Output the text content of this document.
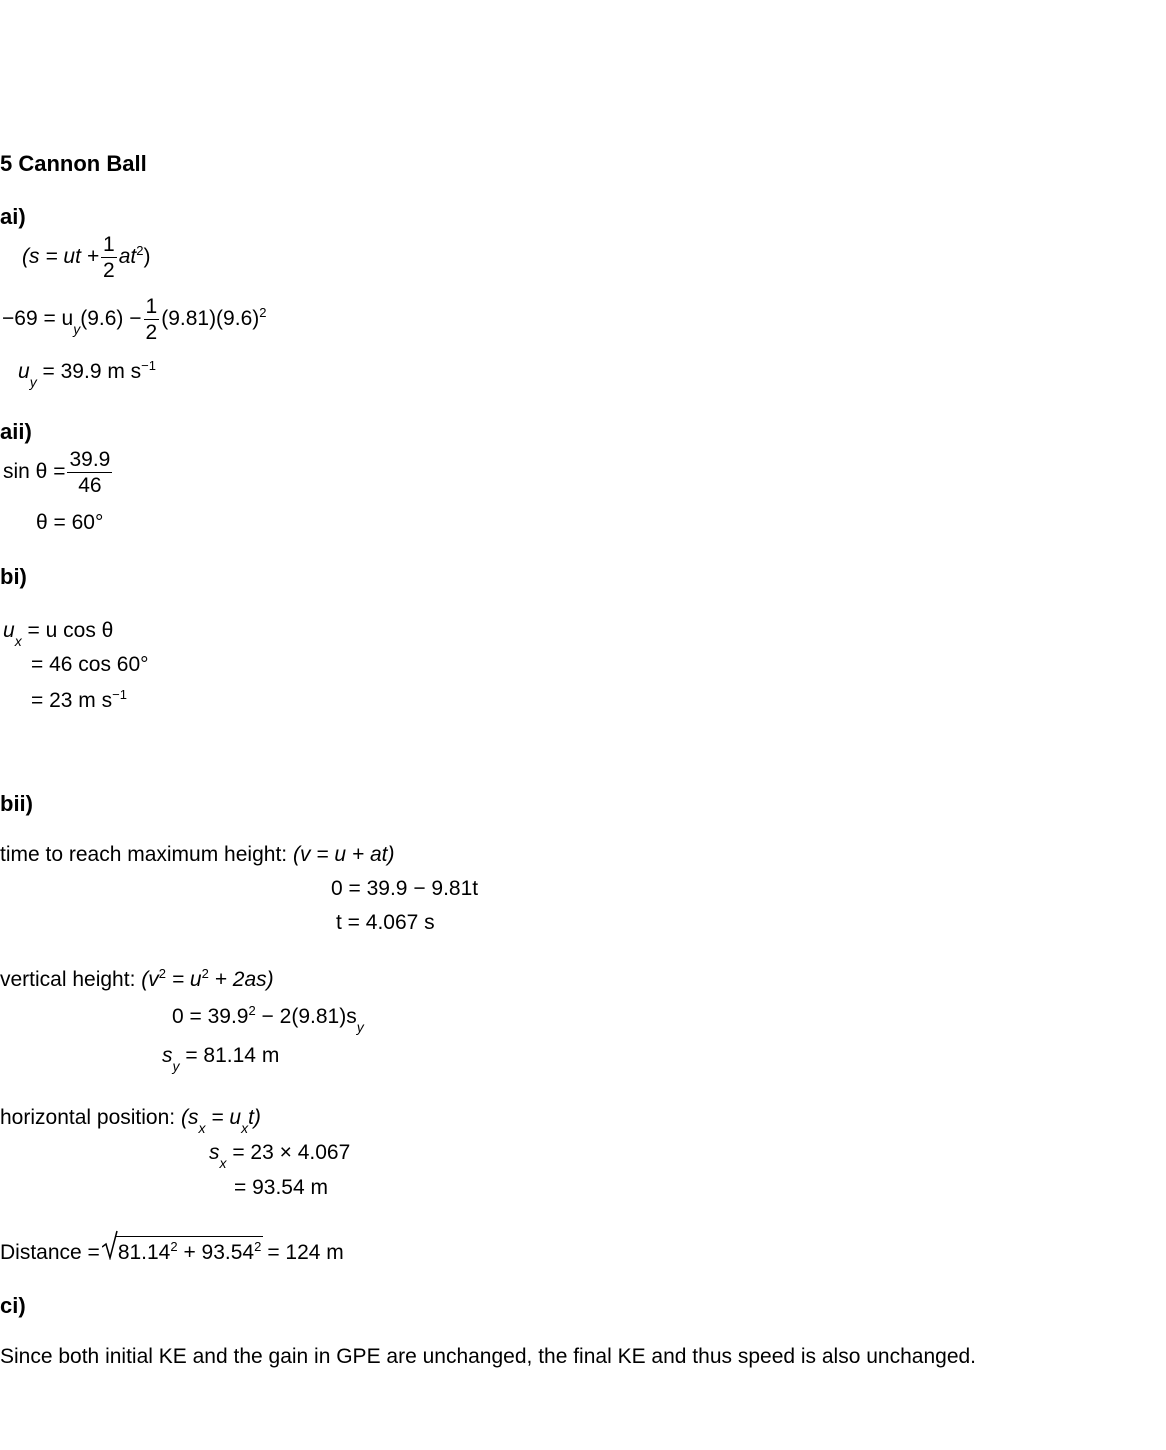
5 Cannon Ball
ai)
(s = ut + $\frac{1}{2} at^2$)
$-69 = u_y(9.6) - \frac{1}{2} (9.81)(9.6)^2$
$u_y = 39.9$ m $s^{-1}$
aii)
$\sin \theta = \frac{39.9}{46}$
θ = 60°
bi)
$u_x = u$ cos θ
= 46 cos 60°
= 23 m $s^{-1}$
bii)
time to reach maximum height: (v = u + at)
0 = 39.9 − 9.81t
t = 4.067 s
vertical height: $(v^2 = u^2 + 2as)$
$0 = 39.9^2 - 2(9.81)s_y$
$s_y = 81.14$ m
horizontal position: $(s_x = u_xt)$
$s_x = 23 \times 4.067$
= 93.54 m
Distance = $81.14^2 + 93.54^2 = 124$ m
ci)
Since both initial KE and the gain in GPE are unchanged, the final KE and thus speed is also unchanged.
